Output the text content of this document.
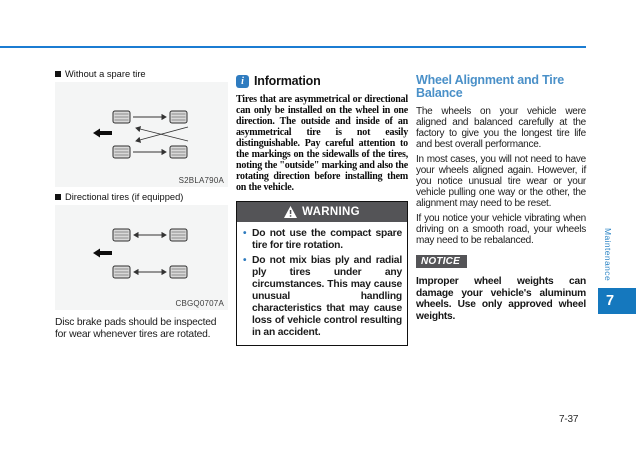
Without a spare tire
S2BLA790A
Directional tires (if equipped)
CBGQ0707A
Disc brake pads should be inspected for wear whenever tires are rotated.
i Information
Tires that are asymmetrical or directional can only be installed on the wheel in one direction. The outside and inside of an asymmetrical tire is not easily distinguishable. Pay careful attention to the markings on the sidewalls of the tires, noting the "outside" marking and also the rotating direction before installing them on the vehicle.
WARNING
• Do not use the compact spare tire for tire rotation.
• Do not mix bias ply and radial ply tires under any circumstances. This may cause unusual handling characteristics that may cause loss of vehicle control resulting in an accident.
Wheel Alignment and Tire Balance

The wheels on your vehicle were aligned and balanced carefully at the factory to give you the longest tire life and best overall performance.

In most cases, you will not need to have your wheels aligned again. However, if you notice unusual tire wear or your vehicle pulling one way or the other, the alignment may need to be reset.

If you notice your vehicle vibrating when driving on a smooth road, your wheels may need to be rebalanced.

NOTICE
Improper wheel weights can damage your vehicle's aluminum wheels. Use only approved wheel weights.
Maintenance
7
7-37
